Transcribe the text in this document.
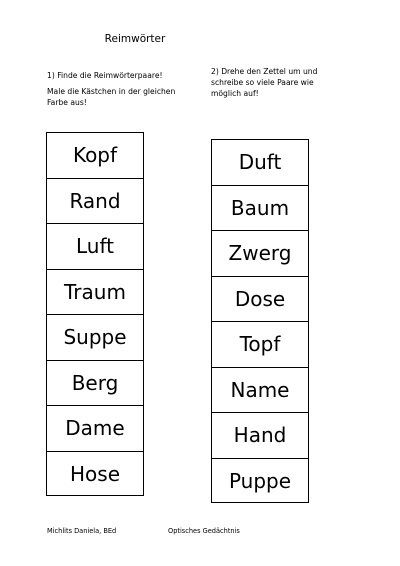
Reimwörter
1) Finde die Reimwörterpaare!
Male die Kästchen in der gleichen Farbe aus!
2) Drehe den Zettel um und schreibe so viele Paare wie möglich auf!
Kopf
Rand
Luft
Traum
Suppe
Berg
Dame
Hose
Duft
Baum
Zwerg
Dose
Topf
Name
Hand
Puppe
Michlits Daniela, BEd	Optisches Gedächtnis
